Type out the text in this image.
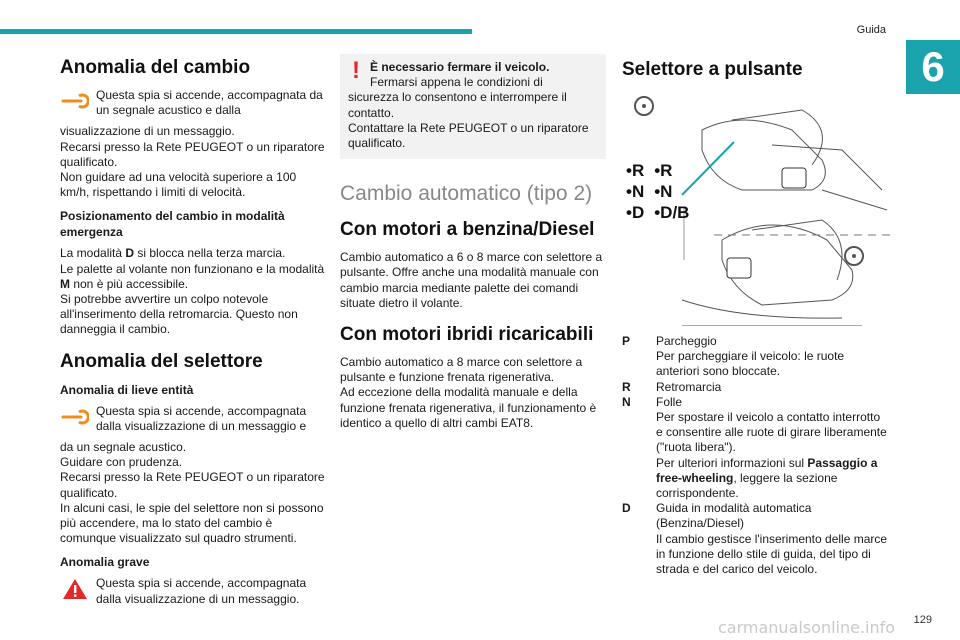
Guida
6
Anomalia del cambio
Questa spia si accende, accompagnata da un segnale acustico e dalla

visualizzazione di un messaggio.
Recarsi presso la Rete PEUGEOT o un riparatore qualificato.
Non guidare ad una velocità superiore a 100 km/h, rispettando i limiti di velocità.

Posizionamento del cambio in modalità emergenza

La modalità D si blocca nella terza marcia.
Le palette al volante non funzionano e la modalità M non è più accessibile.
Si potrebbe avvertire un colpo notevole all'inserimento della retromarcia. Questo non danneggia il cambio.

Anomalia del selettore
Anomalia di lieve entità
Questa spia si accende, accompagnata dalla visualizzazione di un messaggio e

da un segnale acustico.
Guidare con prudenza.
Recarsi presso la Rete PEUGEOT o un riparatore qualificato.
In alcuni casi, le spie del selettore non si possono più accendere, ma lo stato del cambio è comunque visualizzato sul quadro strumenti.

Anomalia grave
Questa spia si accende, accompagnata dalla visualizzazione di un messaggio.
! È necessario fermare il veicolo.
Fermarsi appena le condizioni di
sicurezza lo consentono e interrompere il contatto.
Contattare la Rete PEUGEOT o un riparatore qualificato.
Cambio automatico (tipo 2)
Con motori a benzina/Diesel

Cambio automatico a 6 o 8 marce con selettore a pulsante. Offre anche una modalità manuale con cambio marcia mediante palette dei comandi situate dietro il volante.

Con motori ibridi ricaricabili

Cambio automatico a 8 marce con selettore a pulsante e funzione frenata rigenerativa.
Ad eccezione della modalità manuale e della funzione frenata rigenerativa, il funzionamento è identico a quello di altri cambi EAT8.

Selettore a pulsante
•R •R
•N •N
•D •D/B
P	Parcheggio
Per parcheggiare il veicolo: le ruote anteriori sono bloccate.
R	Retromarcia
N	Folle
Per spostare il veicolo a contatto interrotto e consentire alle ruote di girare liberamente ("ruota libera").
Per ulteriori informazioni sul Passaggio a free-wheeling, leggere la sezione corrispondente.
D	Guida in modalità automatica (Benzina/Diesel)
Il cambio gestisce l'inserimento delle marce in funzione dello stile di guida, del tipo di strada e del carico del veicolo.
carmanualsonline.info 129
